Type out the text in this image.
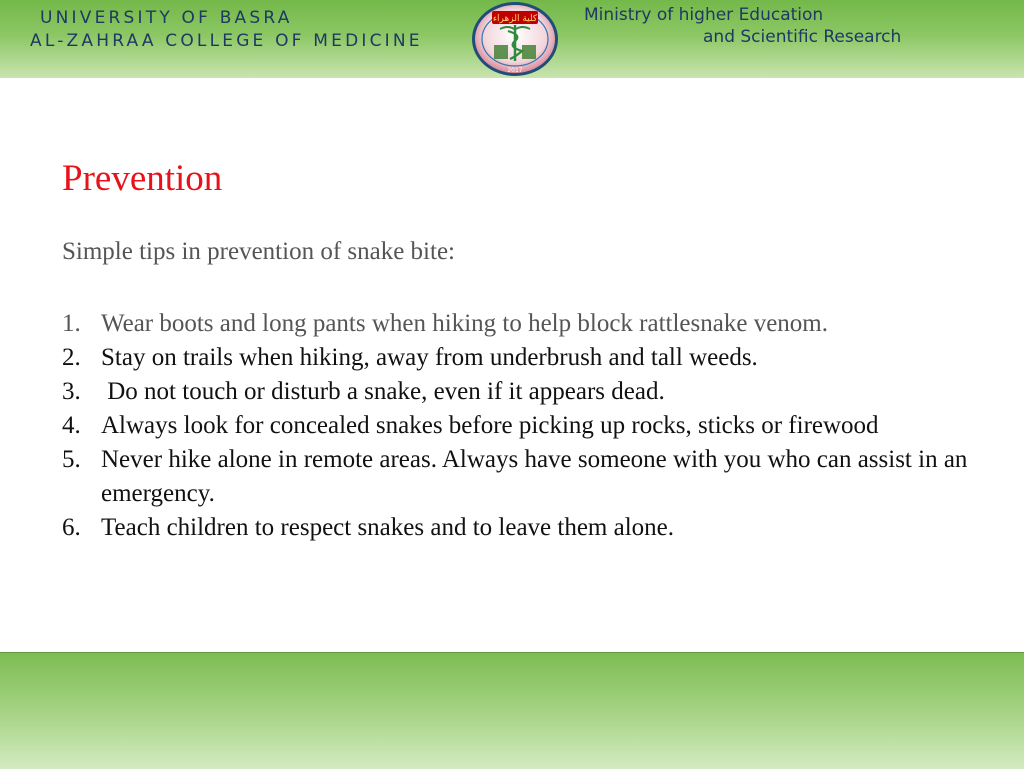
UNIVERSITY OF BASRA
AL-ZAHRAA COLLEGE OF MEDICINE
كلية الزهراء
2017
Ministry of higher Education
and Scientific Research
Prevention
Simple tips in prevention of snake bite:
1. Wear boots and long pants when hiking to help block rattlesnake venom.
2. Stay on trails when hiking, away from underbrush and tall weeds.
3. Do not touch or disturb a snake, even if it appears dead.
4. Always look for concealed snakes before picking up rocks, sticks or firewood
5. Never hike alone in remote areas. Always have someone with you who can assist in an emergency.
6. Teach children to respect snakes and to leave them alone.
